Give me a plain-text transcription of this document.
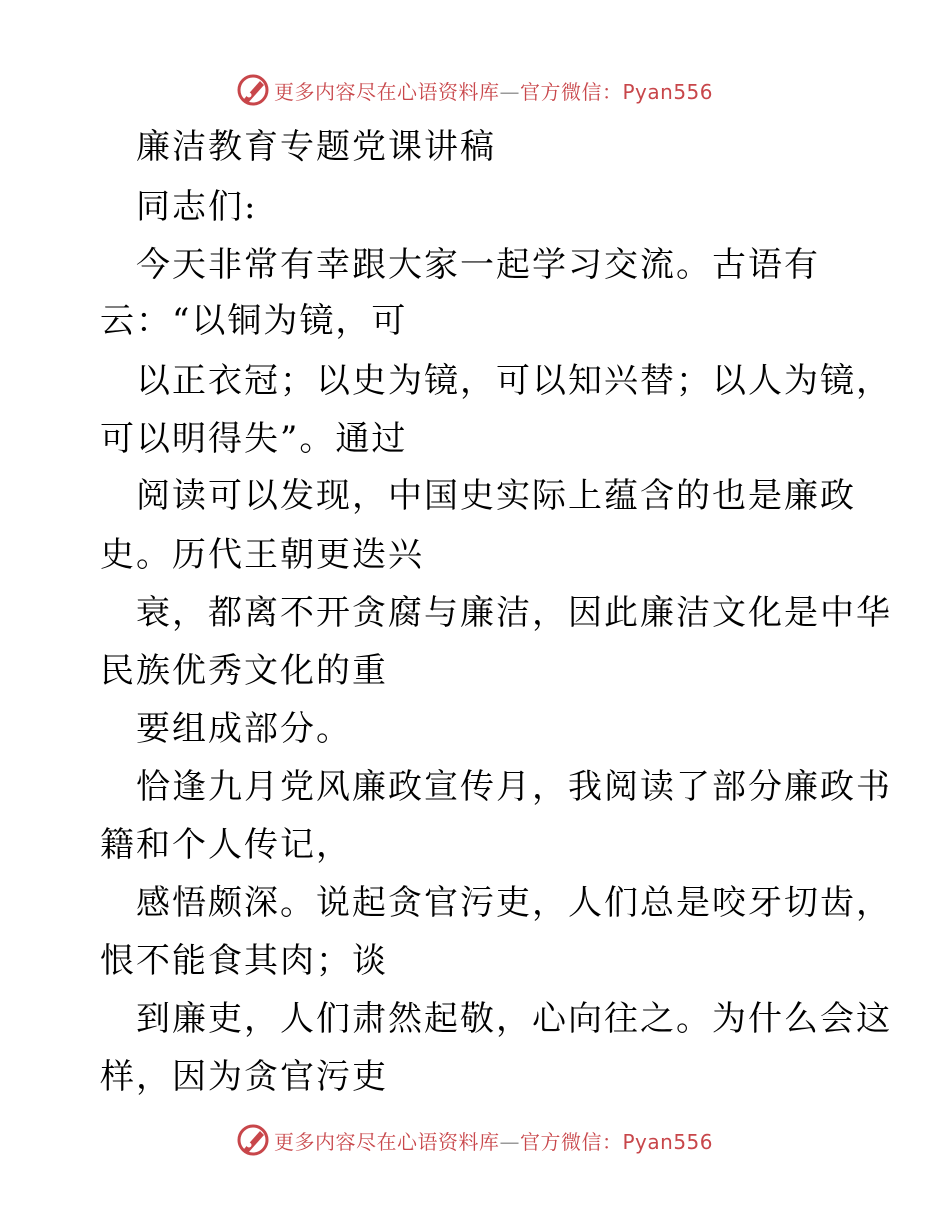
更多内容尽在心语资料库—官方微信：Pyan556
廉洁教育专题党课讲稿
同志们:
今天非常有幸跟大家一起学习交流。古语有
云：“以铜为镜，可
以正衣冠；以史为镜，可以知兴替；以人为镜，
可以明得失”。通过
阅读可以发现，中国史实际上蕴含的也是廉政
史。历代王朝更迭兴
衰，都离不开贪腐与廉洁，因此廉洁文化是中华
民族优秀文化的重
要组成部分。
恰逢九月党风廉政宣传月，我阅读了部分廉政书
籍和个人传记，
感悟颇深。说起贪官污吏，人们总是咬牙切齿，
恨不能食其肉；谈
到廉吏，人们肃然起敬，心向往之。为什么会这
样，因为贪官污吏
更多内容尽在心语资料库—官方微信：Pyan556
